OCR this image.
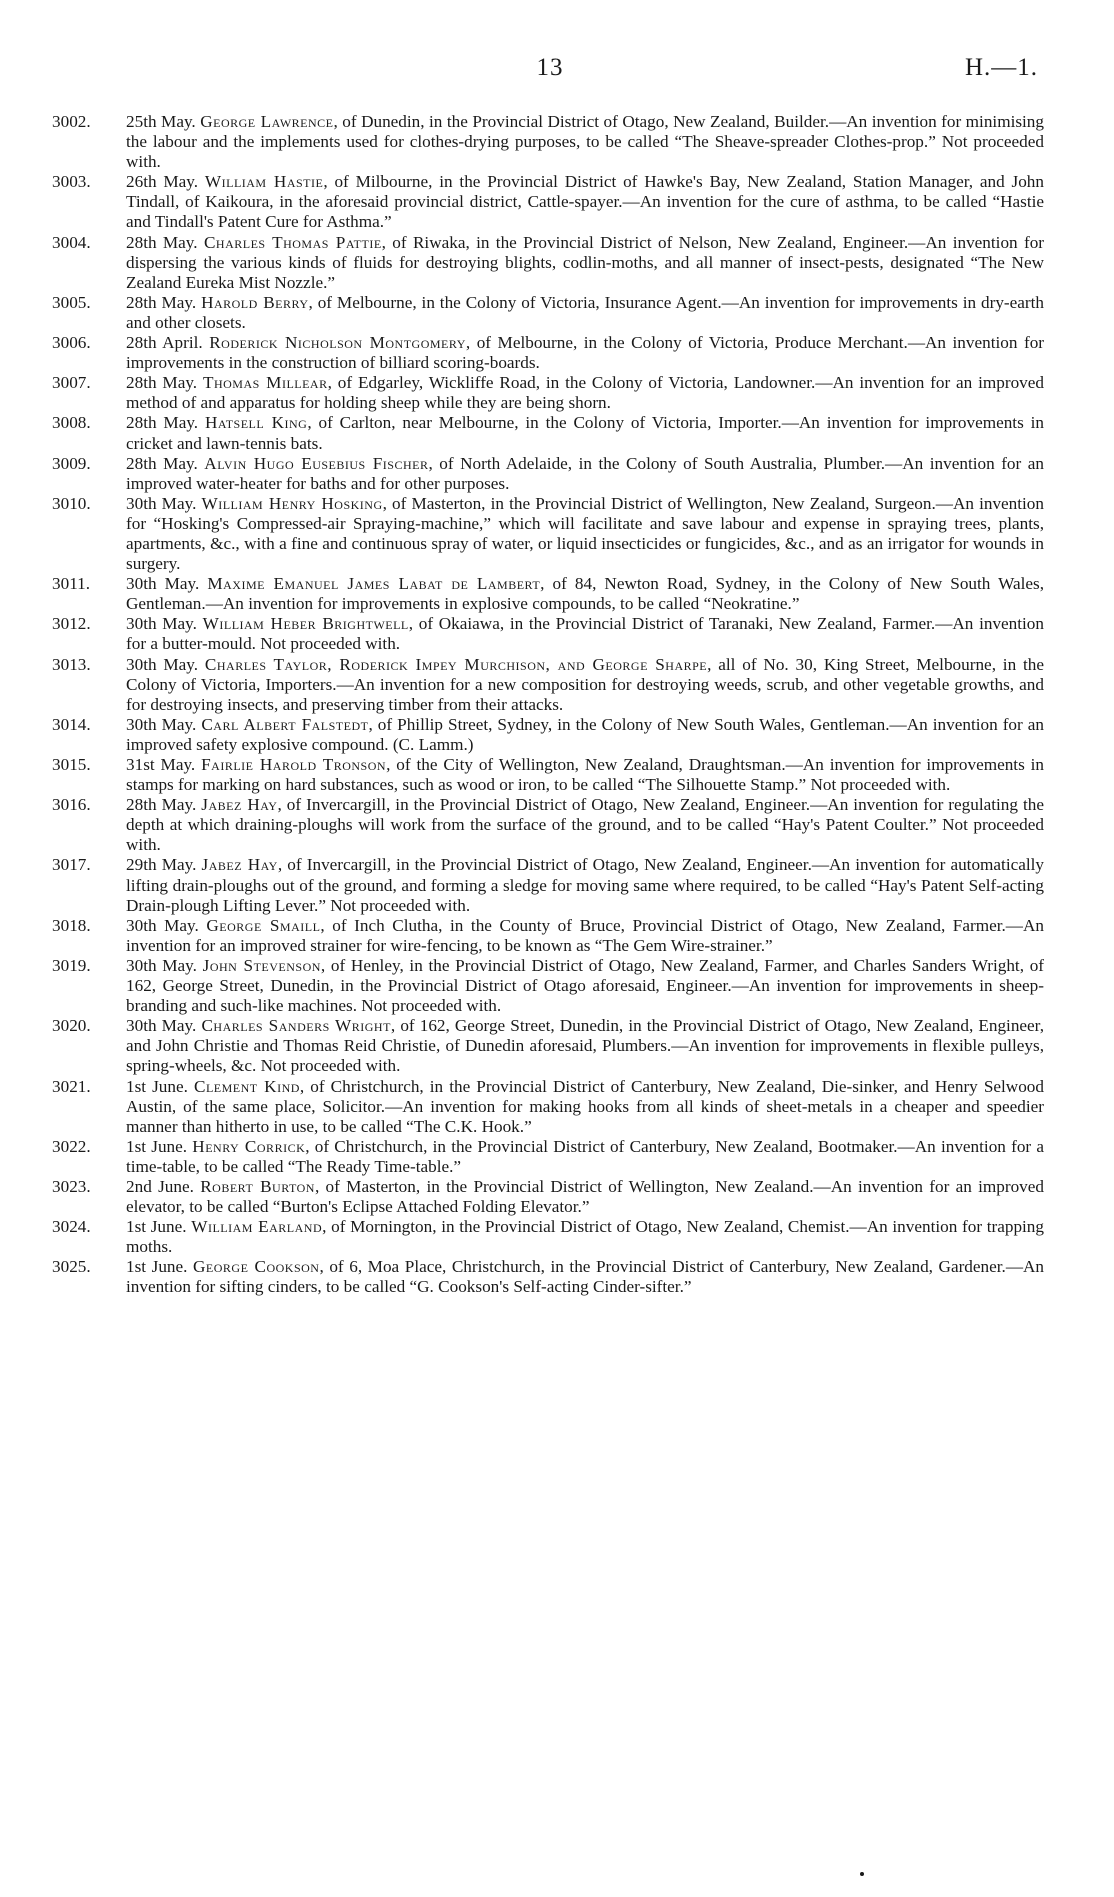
13	H.—1.

3002.	25th May. George Lawrence, of Dunedin, in the Provincial District of Otago, New Zealand, Builder.—An invention for minimising the labour and the implements used for clothes-drying purposes, to be called “The Sheave-spreader Clothes-prop.” Not proceeded with.

3003.	26th May. William Hastie, of Milbourne, in the Provincial District of Hawke's Bay, New Zealand, Station Manager, and John Tindall, of Kaikoura, in the aforesaid provincial district, Cattle-spayer.—An invention for the cure of asthma, to be called “Hastie and Tindall's Patent Cure for Asthma.”

3004.	28th May. Charles Thomas Pattie, of Riwaka, in the Provincial District of Nelson, New Zealand, Engineer.—An invention for dispersing the various kinds of fluids for destroying blights, codlin-moths, and all manner of insect-pests, designated “The New Zealand Eureka Mist Nozzle.”

3005.	28th May. Harold Berry, of Melbourne, in the Colony of Victoria, Insurance Agent.—An invention for improvements in dry-earth and other closets.

3006.	28th April. Roderick Nicholson Montgomery, of Melbourne, in the Colony of Victoria, Produce Merchant.—An invention for improvements in the construction of billiard scoring-boards.

3007.	28th May. Thomas Millear, of Edgarley, Wickliffe Road, in the Colony of Victoria, Landowner.—An invention for an improved method of and apparatus for holding sheep while they are being shorn.

3008.	28th May. Hatsell King, of Carlton, near Melbourne, in the Colony of Victoria, Importer.—An invention for improvements in cricket and lawn-tennis bats.

3009.	28th May. Alvin Hugo Eusebius Fischer, of North Adelaide, in the Colony of South Australia, Plumber.—An invention for an improved water-heater for baths and for other purposes.

3010.	30th May. William Henry Hosking, of Masterton, in the Provincial District of Wellington, New Zealand, Surgeon.—An invention for “Hosking's Compressed-air Spraying-machine,” which will facilitate and save labour and expense in spraying trees, plants, apartments, &c., with a fine and continuous spray of water, or liquid insecticides or fungicides, &c., and as an irrigator for wounds in surgery.

3011.	30th May. Maxime Emanuel James Labat de Lambert, of 84, Newton Road, Sydney, in the Colony of New South Wales, Gentleman.—An invention for improvements in explosive compounds, to be called “Neokratine.”

3012.	30th May. William Heber Brightwell, of Okaiawa, in the Provincial District of Taranaki, New Zealand, Farmer.—An invention for a butter-mould. Not proceeded with.

3013.	30th May. Charles Taylor, Roderick Impey Murchison, and George Sharpe, all of No. 30, King Street, Melbourne, in the Colony of Victoria, Importers.—An invention for a new composition for destroying weeds, scrub, and other vegetable growths, and for destroying insects, and preserving timber from their attacks.

3014.	30th May. Carl Albert Falstedt, of Phillip Street, Sydney, in the Colony of New South Wales, Gentleman.—An invention for an improved safety explosive compound. (C. Lamm.)

3015.	31st May. Fairlie Harold Tronson, of the City of Wellington, New Zealand, Draughtsman.—An invention for improvements in stamps for marking on hard substances, such as wood or iron, to be called “The Silhouette Stamp.” Not proceeded with.

3016.	28th May. Jabez Hay, of Invercargill, in the Provincial District of Otago, New Zealand, Engineer.—An invention for regulating the depth at which draining-ploughs will work from the surface of the ground, and to be called “Hay's Patent Coulter.” Not proceeded with.

3017.	29th May. Jabez Hay, of Invercargill, in the Provincial District of Otago, New Zealand, Engineer.—An invention for automatically lifting drain-ploughs out of the ground, and forming a sledge for moving same where required, to be called “Hay's Patent Self-acting Drain-plough Lifting Lever.” Not proceeded with.

3018.	30th May. George Smaill, of Inch Clutha, in the County of Bruce, Provincial District of Otago, New Zealand, Farmer.—An invention for an improved strainer for wire-fencing, to be known as “The Gem Wire-strainer.”

3019.	30th May. John Stevenson, of Henley, in the Provincial District of Otago, New Zealand, Farmer, and Charles Sanders Wright, of 162, George Street, Dunedin, in the Provincial District of Otago aforesaid, Engineer.—An invention for improvements in sheep-branding and such-like machines. Not proceeded with.

3020.	30th May. Charles Sanders Wright, of 162, George Street, Dunedin, in the Provincial District of Otago, New Zealand, Engineer, and John Christie and Thomas Reid Christie, of Dunedin aforesaid, Plumbers.—An invention for improvements in flexible pulleys, spring-wheels, &c. Not proceeded with.

3021.	1st June. Clement Kind, of Christchurch, in the Provincial District of Canterbury, New Zealand, Die-sinker, and Henry Selwood Austin, of the same place, Solicitor.—An invention for making hooks from all kinds of sheet-metals in a cheaper and speedier manner than hitherto in use, to be called “The C.K. Hook.”

3022.	1st June. Henry Corrick, of Christchurch, in the Provincial District of Canterbury, New Zealand, Bootmaker.—An invention for a time-table, to be called “The Ready Time-table.”

3023.	2nd June. Robert Burton, of Masterton, in the Provincial District of Wellington, New Zealand.—An invention for an improved elevator, to be called “Burton's Eclipse Attached Folding Elevator.”

3024.	1st June. William Earland, of Mornington, in the Provincial District of Otago, New Zealand, Chemist.—An invention for trapping moths.

3025.	1st June. George Cookson, of 6, Moa Place, Christchurch, in the Provincial District of Canterbury, New Zealand, Gardener.—An invention for sifting cinders, to be called “G. Cookson's Self-acting Cinder-sifter.”
